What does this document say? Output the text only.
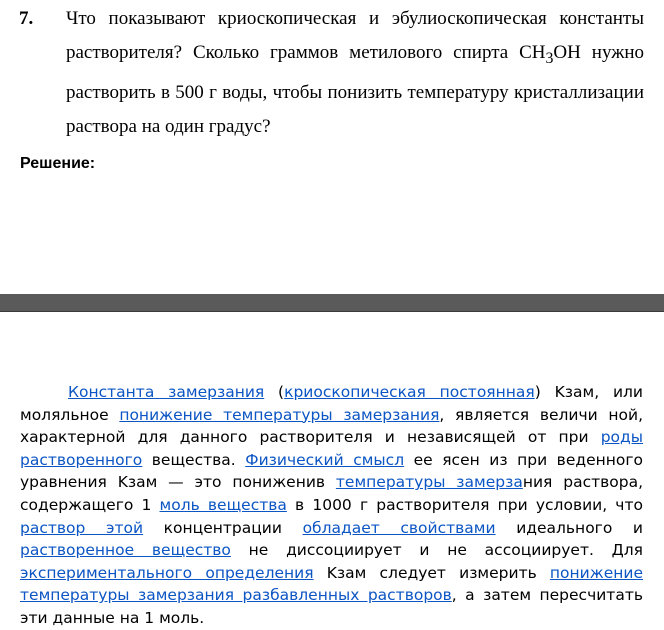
7. Что показывают криоскопическая и эбулиоскопическая константы растворителя? Сколько граммов метилового спирта $CH_3OH$ нужно растворить в 500 г воды, чтобы понизить температуру кристаллизации раствора на один градус?
Решение:
Константа замерзания (криоскопическая постоянная) Kзам, или моляльное понижение температуры замерзания, является величи ной, характерной для данного растворителя и независящей от при роды растворенного вещества. Физический смысл ее ясен из при веденного уравнения Kзам — это пониженив температуры замерзания раствора, содержащего 1 моль вещества в 1000 г растворителя при условии, что раствор этой концентрации обладает свойствами идеального и растворенное вещество не диссоциирует и не ассоциирует. Для экспериментального определения Kзам следует измерить понижение температуры замерзания разбавленных растворов, а затем пересчитать эти данные на 1 моль.
